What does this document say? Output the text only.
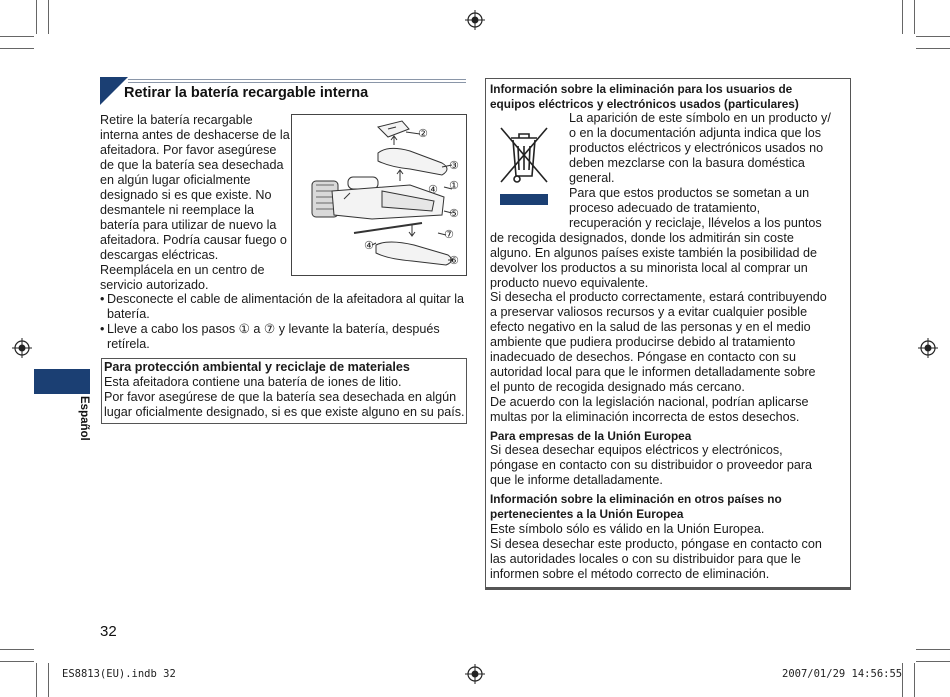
Retirar la batería recargable interna
Retire la batería recargable
interna antes de deshacerse de la
afeitadora. Por favor asegúrese
de que la batería sea desechada
en algún lugar oficialmente
designado si es que existe. No
desmantele ni reemplace la
batería para utilizar de nuevo la
afeitadora. Podría causar fuego o
descargas eléctricas.
Reemplácela en un centro de
servicio autorizado.
• Desconecte el cable de alimentación de la afeitadora al quitar la batería.
• Lleve a cabo los pasos ① a ⑦ y levante la batería, después retírela.
②
③
①
④
⑤
⑦
④
⑥
Para protección ambiental y reciclaje de materiales
Esta afeitadora contiene una batería de iones de litio.
Por favor asegúrese de que la batería sea desechada en algún
lugar oficialmente designado, si es que existe alguno en su país.
Español
32
Información sobre la eliminación para los usuarios de
equipos eléctricos y electrónicos usados (particulares)
La aparición de este símbolo en un producto y/
o en la documentación adjunta indica que los
productos eléctricos y electrónicos usados no
deben mezclarse con la basura doméstica
general.
Para que estos productos se sometan a un
proceso adecuado de tratamiento,
recuperación y reciclaje, llévelos a los puntos
de recogida designados, donde los admitirán sin coste
alguno. En algunos países existe también la posibilidad de
devolver los productos a su minorista local al comprar un
producto nuevo equivalente.
Si desecha el producto correctamente, estará contribuyendo
a preservar valiosos recursos y a evitar cualquier posible
efecto negativo en la salud de las personas y en el medio
ambiente que pudiera producirse debido al tratamiento
inadecuado de desechos. Póngase en contacto con su
autoridad local para que le informen detalladamente sobre
el punto de recogida designado más cercano.
De acuerdo con la legislación nacional, podrían aplicarse
multas por la eliminación incorrecta de estos desechos.
Para empresas de la Unión Europea
Si desea desechar equipos eléctricos y electrónicos,
póngase en contacto con su distribuidor o proveedor para
que le informe detalladamente.
Información sobre la eliminación en otros países no
pertenecientes a la Unión Europea
Este símbolo sólo es válido en la Unión Europea.
Si desea desechar este producto, póngase en contacto con
las autoridades locales o con su distribuidor para que le
informen sobre el método correcto de eliminación.
ES8813(EU).indb 32	2007/01/29 14:56:55
